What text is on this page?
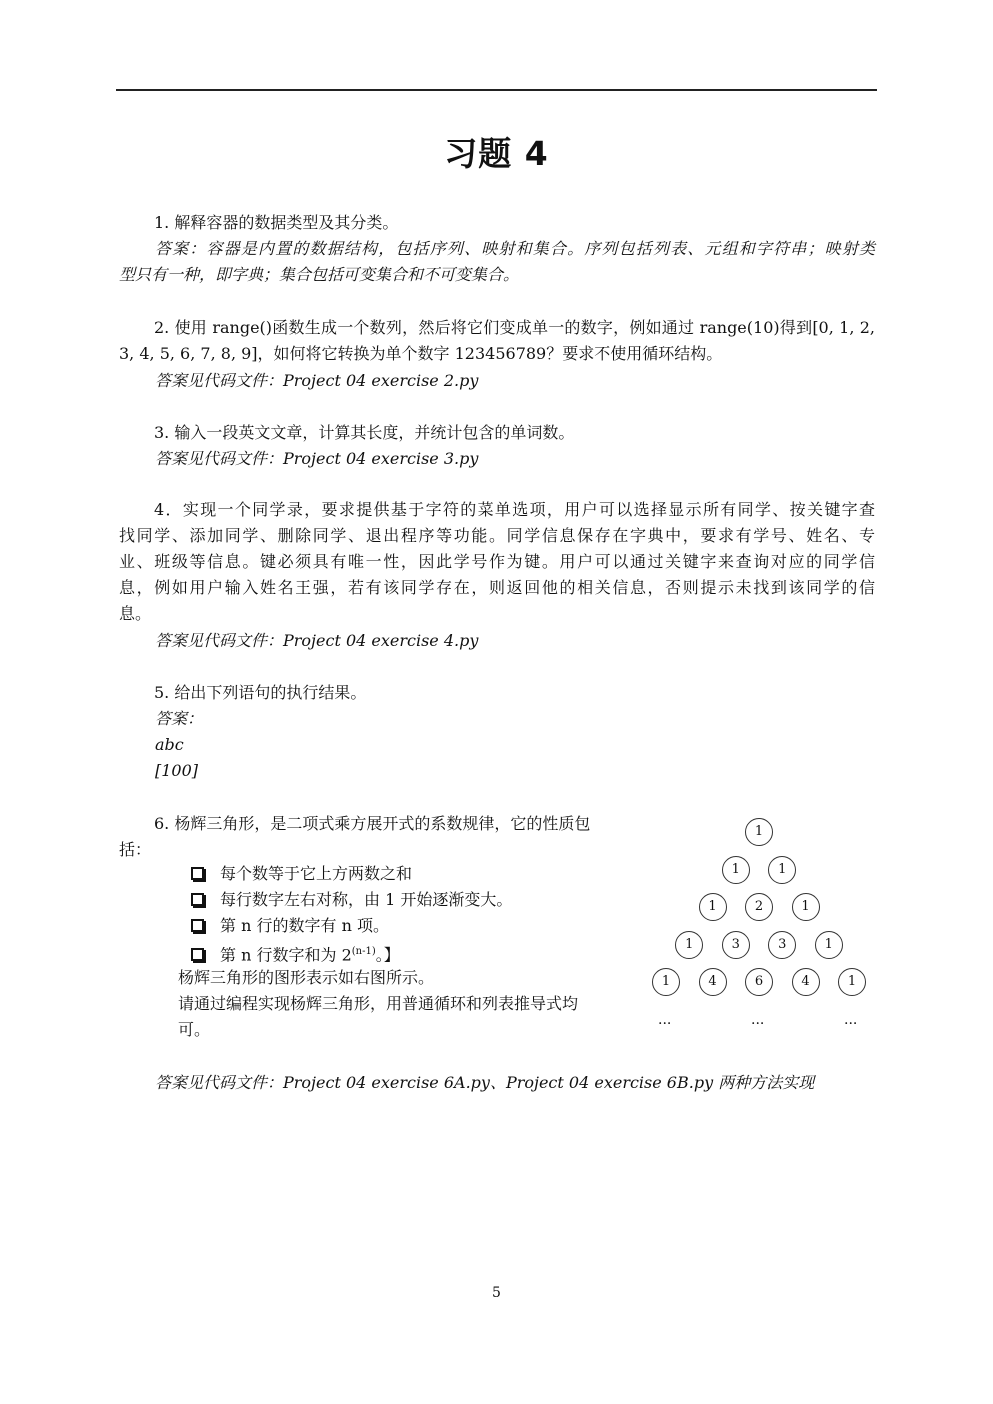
习题 4
1. 解释容器的数据类型及其分类。
答案：容器是内置的数据结构，包括序列、映射和集合。序列包括列表、元组和字符串；映射类
型只有一种，即字典；集合包括可变集合和不可变集合。
2. 使用 range()函数生成一个数列，然后将它们变成单一的数字，例如通过 range(10)得到[0, 1, 2,
3, 4, 5, 6, 7, 8, 9]，如何将它转换为单个数字 123456789？要求不使用循环结构。
答案见代码文件：Project 04 exercise 2.py
3. 输入一段英文文章，计算其长度，并统计包含的单词数。
答案见代码文件：Project 04 exercise 3.py
4．实现一个同学录，要求提供基于字符的菜单选项，用户可以选择显示所有同学、按关键字查
找同学、添加同学、删除同学、退出程序等功能。同学信息保存在字典中，要求有学号、姓名、专
业、班级等信息。键必须具有唯一性，因此学号作为键。用户可以通过关键字来查询对应的同学信
息，例如用户输入姓名王强，若有该同学存在，则返回他的相关信息，否则提示未找到该同学的信
息。
答案见代码文件：Project 04 exercise 4.py
5. 给出下列语句的执行结果。
答案：
abc
[100]
6. 杨辉三角形，是二项式乘方展开式的系数规律，它的性质包
括：
每个数等于它上方两数之和
每行数字左右对称，由 1 开始逐渐变大。
第 n 行的数字有 n 项。
第 n 行数字和为 2$^{(n-1)}$。】
杨辉三角形的图形表示如右图所示。
请通过编程实现杨辉三角形，用普通循环和列表推导式均
可。
1
1	1
1	2	1
1	3	3	1
1	4	6	4	1
...	...	...
答案见代码文件：Project 04 exercise 6A.py、Project 04 exercise 6B.py 两种方法实现
5
